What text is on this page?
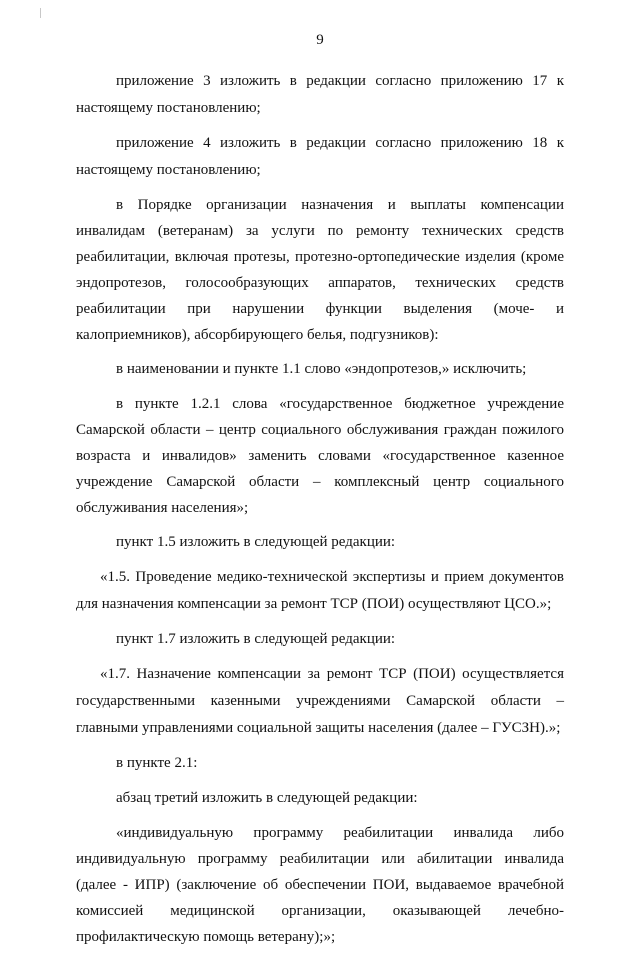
9

приложение 3 изложить в редакции согласно приложению 17 к настоящему постановлению;

приложение 4 изложить в редакции согласно приложению 18 к настоящему постановлению;

в Порядке организации назначения и выплаты компенсации инвалидам (ветеранам) за услуги по ремонту технических средств реабилитации, включая протезы, протезно-ортопедические изделия (кроме эндопротезов, голосообразующих аппаратов, технических средств реабилитации при нарушении функции выделения (моче- и калоприемников), абсорбирующего белья, подгузников):

в наименовании и пункте 1.1 слово «эндопротезов,» исключить;

в пункте 1.2.1 слова «государственное бюджетное учреждение Самарской области – центр социального обслуживания граждан пожилого возраста и инвалидов» заменить словами «государственное казенное учреждение Самарской области – комплексный центр социального обслуживания населения»;

пункт 1.5 изложить в следующей редакции:

«1.5. Проведение медико-технической экспертизы и прием документов для назначения компенсации за ремонт ТСР (ПОИ) осуществляют ЦСО.»;

пункт 1.7 изложить в следующей редакции:

«1.7. Назначение компенсации за ремонт ТСР (ПОИ) осуществляется государственными казенными учреждениями Самарской области – главными управлениями социальной защиты населения (далее – ГУСЗН).»;

в пункте 2.1:

абзац третий изложить в следующей редакции:

«индивидуальную программу реабилитации инвалида либо индивидуальную программу реабилитации или абилитации инвалида (далее - ИПР) (заключение об обеспечении ПОИ, выдаваемое врачебной комиссией медицинской организации, оказывающей лечебно-профилактическую помощь ветерану);»;
